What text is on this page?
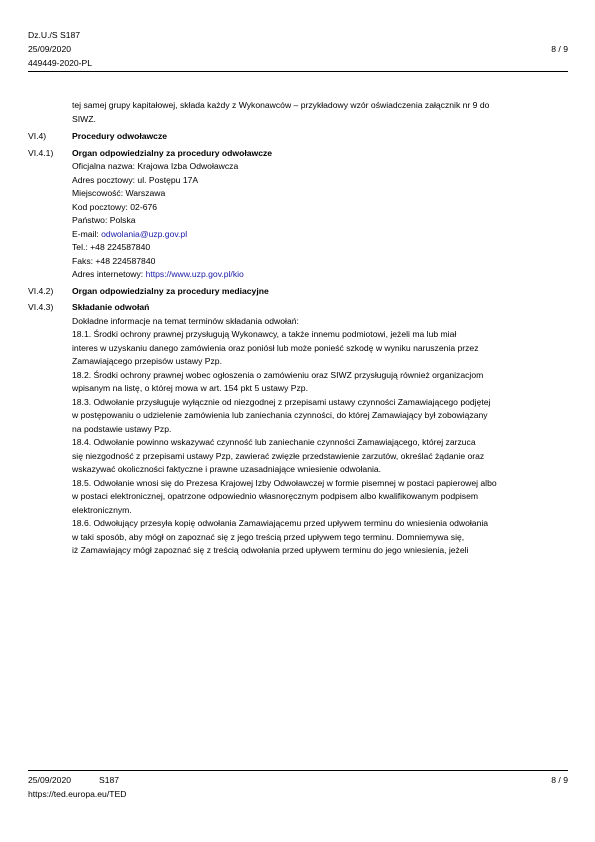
Dz.U./S S187
25/09/2020
449449-2020-PL
8 / 9
tej samej grupy kapitałowej, składa każdy z Wykonawców – przykładowy wzór oświadczenia załącznik nr 9 do
SIWZ.
VI.4)	Procedury odwoławcze
VI.4.1) Organ odpowiedzialny za procedury odwoławcze
Oficjalna nazwa: Krajowa Izba Odwoławcza
Adres pocztowy: ul. Postępu 17A
Miejscowość: Warszawa
Kod pocztowy: 02-676
Państwo: Polska
E-mail: odwolania@uzp.gov.pl
Tel.: +48 224587840
Faks: +48 224587840
Adres internetowy: https://www.uzp.gov.pl/kio
VI.4.2) Organ odpowiedzialny za procedury mediacyjne
VI.4.3) Składanie odwołań
Dokładne informacje na temat terminów składania odwołań:
18.1. Środki ochrony prawnej przysługują Wykonawcy, a także innemu podmiotowi, jeżeli ma lub miał
interes w uzyskaniu danego zamówienia oraz poniósł lub może ponieść szkodę w wyniku naruszenia przez
Zamawiającego przepisów ustawy Pzp.
18.2. Środki ochrony prawnej wobec ogłoszenia o zamówieniu oraz SIWZ przysługują również organizacjom
wpisanym na listę, o której mowa w art. 154 pkt 5 ustawy Pzp.
18.3. Odwołanie przysługuje wyłącznie od niezgodnej z przepisami ustawy czynności Zamawiającego podjętej
w postępowaniu o udzielenie zamówienia lub zaniechania czynności, do której Zamawiający był zobowiązany
na podstawie ustawy Pzp.
18.4. Odwołanie powinno wskazywać czynność lub zaniechanie czynności Zamawiającego, której zarzuca
się niezgodność z przepisami ustawy Pzp, zawierać zwięzłe przedstawienie zarzutów, określać żądanie oraz
wskazywać okoliczności faktyczne i prawne uzasadniające wniesienie odwołania.
18.5. Odwołanie wnosi się do Prezesa Krajowej Izby Odwoławczej w formie pisemnej w postaci papierowej albo
w postaci elektronicznej, opatrzone odpowiednio własnoręcznym podpisem albo kwalifikowanym podpisem
elektronicznym.
18.6. Odwołujący przesyła kopię odwołania Zamawiającemu przed upływem terminu do wniesienia odwołania
w taki sposób, aby mógł on zapoznać się z jego treścią przed upływem tego terminu. Domniemywa się,
iż Zamawiający mógł zapoznać się z treścią odwołania przed upływem terminu do jego wniesienia, jeżeli
25/09/2020	S187	8 / 9
https://ted.europa.eu/TED
